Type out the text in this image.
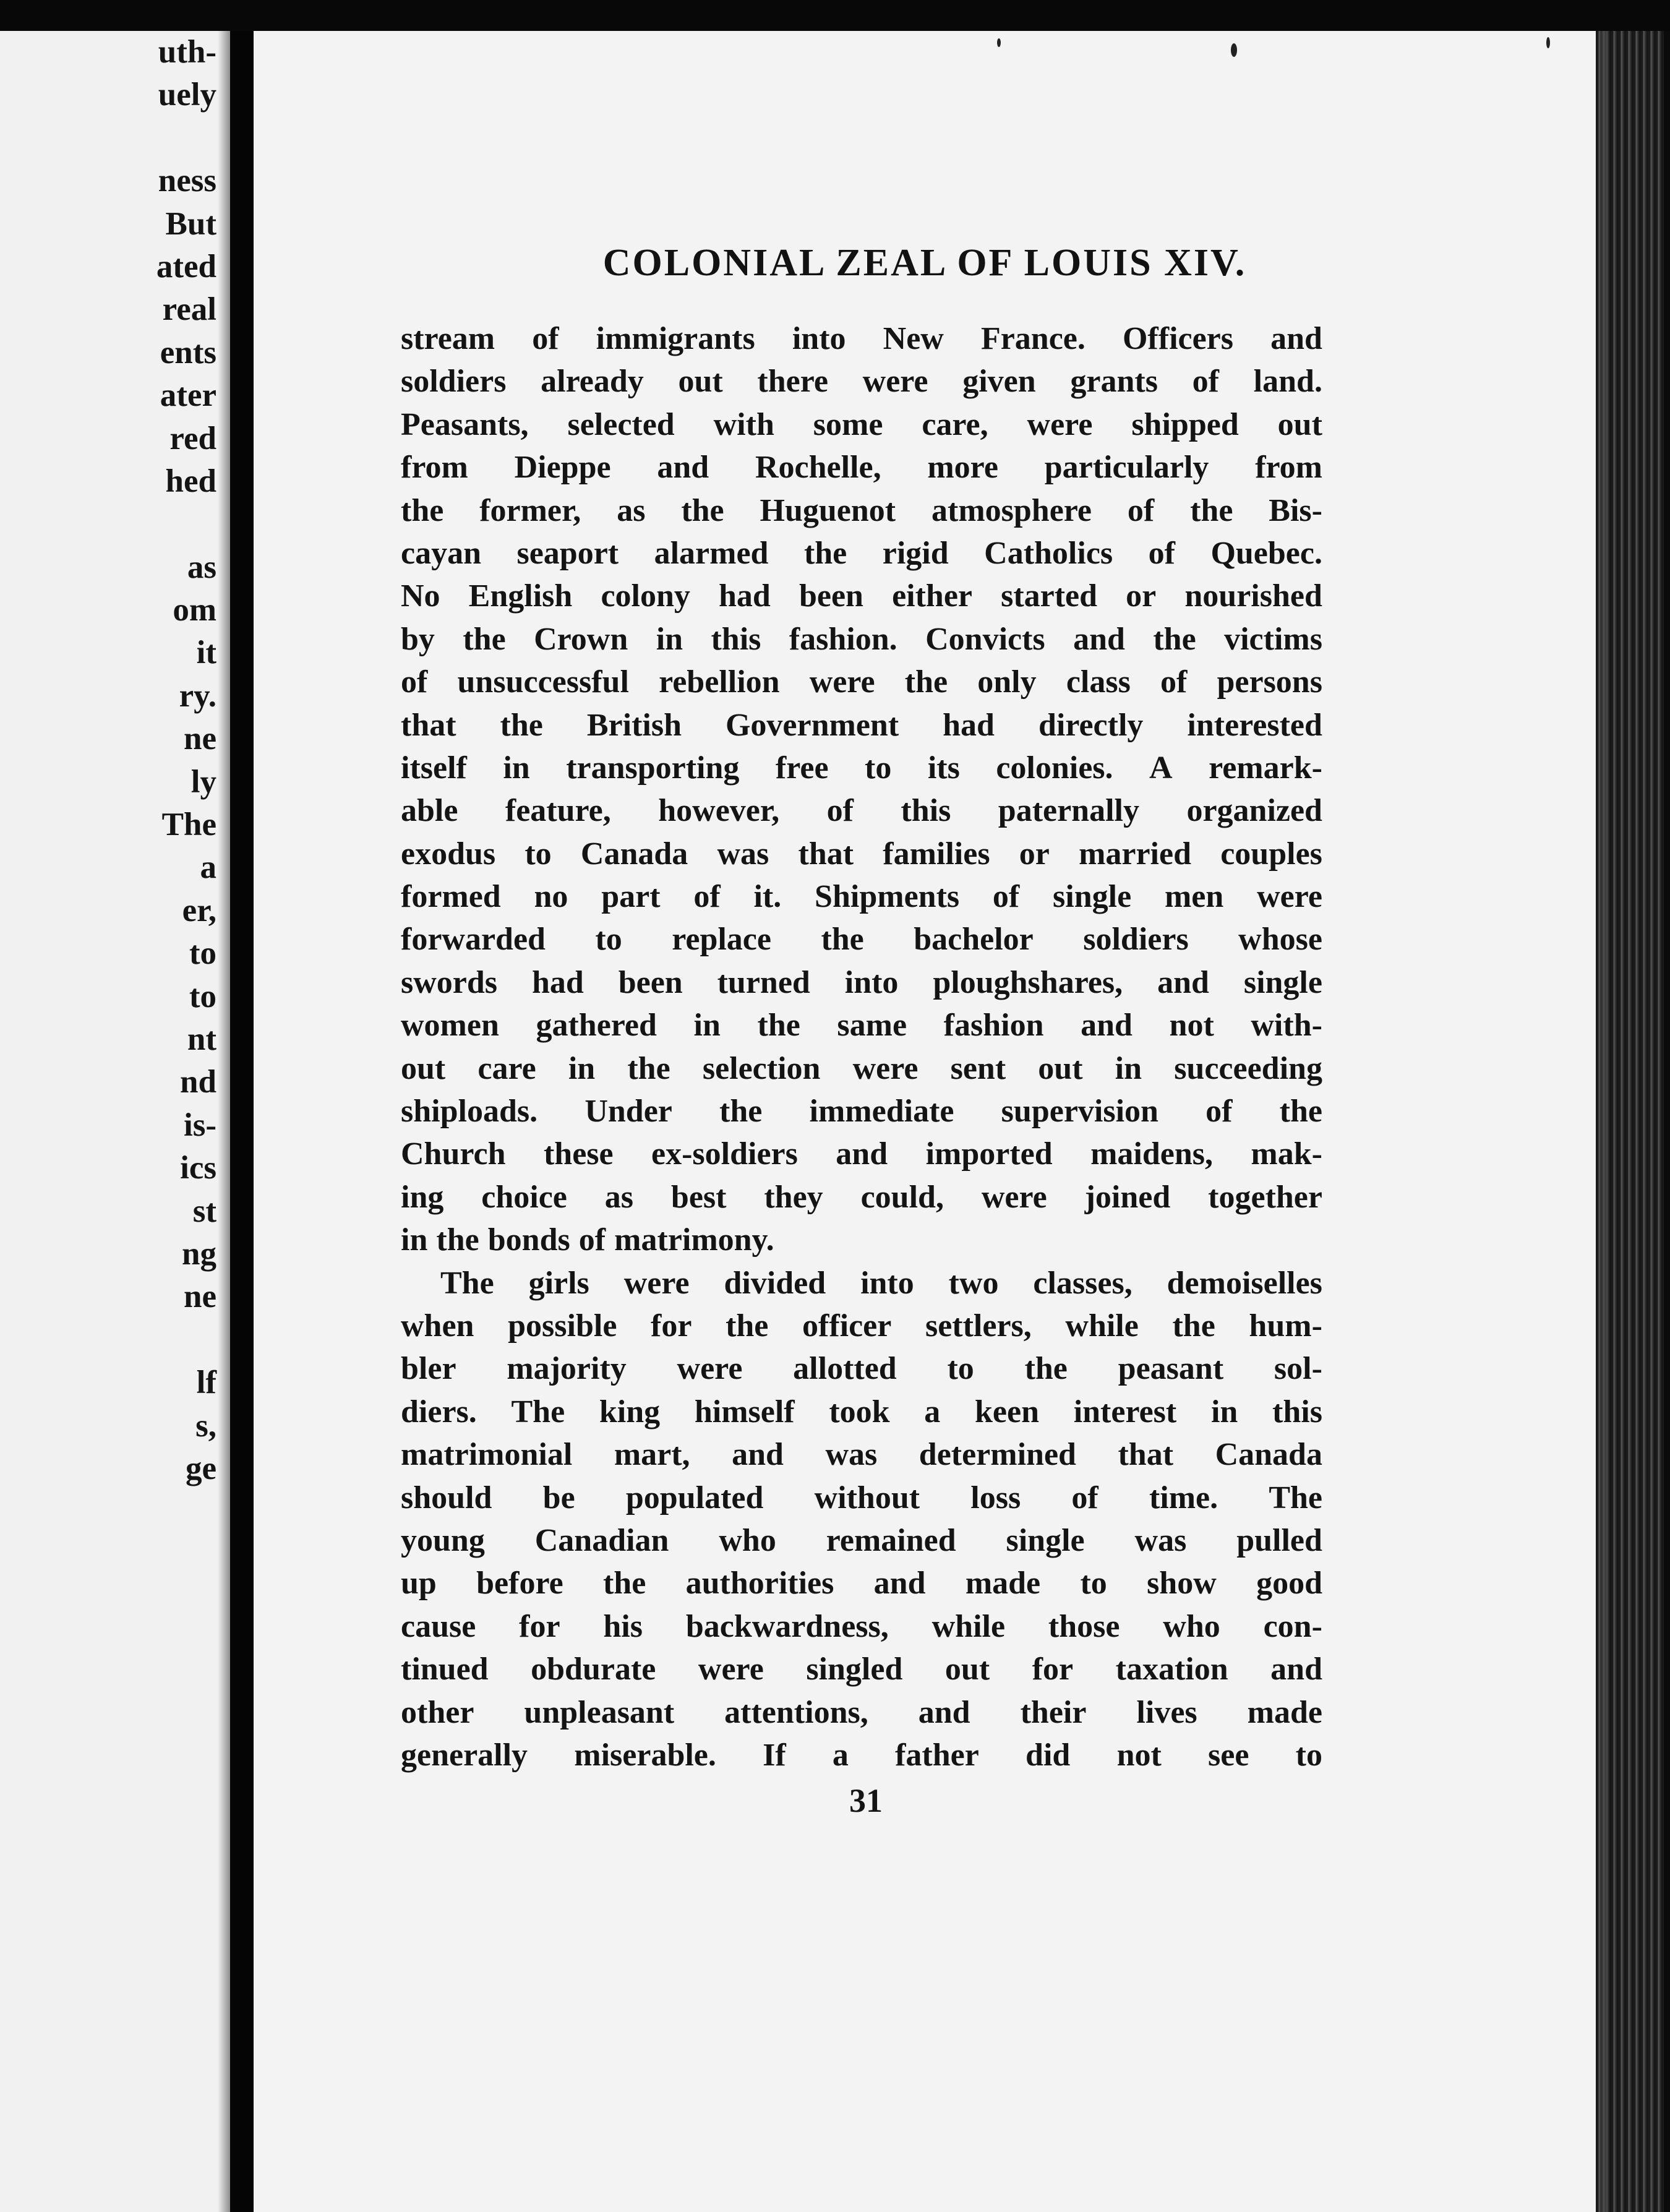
uth-
uely
ness
But
ated
real
ents
ater
red
hed
as
om
it
ry.
ne
ly
The
a
er,
to
to
nt
nd
is-
ics
st
ng
ne
lf
s,
ge
COLONIAL ZEAL OF LOUIS XIV.
stream of immigrants into New France. Officers and
soldiers already out there were given grants of land.
Peasants, selected with some care, were shipped out
from Dieppe and Rochelle, more particularly from
the former, as the Huguenot atmosphere of the Bis-
cayan seaport alarmed the rigid Catholics of Quebec.
No English colony had been either started or nourished
by the Crown in this fashion. Convicts and the victims
of unsuccessful rebellion were the only class of persons
that the British Government had directly interested
itself in transporting free to its colonies. A remark-
able feature, however, of this paternally organized
exodus to Canada was that families or married couples
formed no part of it. Shipments of single men were
forwarded to replace the bachelor soldiers whose
swords had been turned into ploughshares, and single
women gathered in the same fashion and not with-
out care in the selection were sent out in succeeding
shiploads. Under the immediate supervision of the
Church these ex-soldiers and imported maidens, mak-
ing choice as best they could, were joined together
in the bonds of matrimony.
The girls were divided into two classes, demoiselles
when possible for the officer settlers, while the hum-
bler majority were allotted to the peasant sol-
diers. The king himself took a keen interest in this
matrimonial mart, and was determined that Canada
should be populated without loss of time. The
young Canadian who remained single was pulled
up before the authorities and made to show good
cause for his backwardness, while those who con-
tinued obdurate were singled out for taxation and
other unpleasant attentions, and their lives made
generally miserable. If a father did not see to
31
